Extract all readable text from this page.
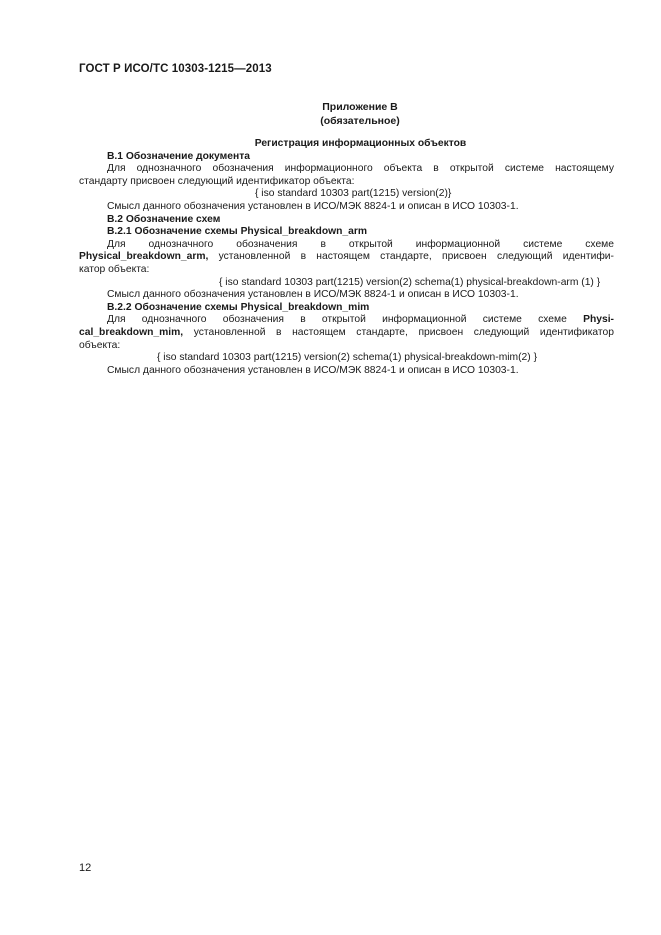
ГОСТ Р ИСО/ТС 10303-1215—2013
Приложение В
(обязательное)

Регистрация информационных объектов

В.1 Обозначение документа

Для однозначного обозначения информационного объекта в открытой системе настоящему

стандарту присвоен следующий идентификатор объекта:

{ iso standard 10303 part(1215) version(2)}

Смысл данного обозначения установлен в ИСО/МЭК 8824-1 и описан в ИСО 10303-1.

В.2 Обозначение схем

В.2.1 Обозначение схемы Physical_breakdown_arm

Для однозначного обозначения в открытой информационной системе схеме

Physical_breakdown_arm, установленной в настоящем стандарте, присвоен следующий идентифи-

катор объекта:

{ iso standard 10303 part(1215) version(2) schema(1) physical-breakdown-arm (1) }

Смысл данного обозначения установлен в ИСО/МЭК 8824-1 и описан в ИСО 10303-1.

В.2.2 Обозначение схемы Physical_breakdown_mim

Для однозначного обозначения в открытой информационной системе схеме Physi-

cal_breakdown_mim, установленной в настоящем стандарте, присвоен следующий идентификатор

объекта:

{ iso standard 10303 part(1215) version(2) schema(1) physical-breakdown-mim(2) }

Смысл данного обозначения установлен в ИСО/МЭК 8824-1 и описан в ИСО 10303-1.

12
